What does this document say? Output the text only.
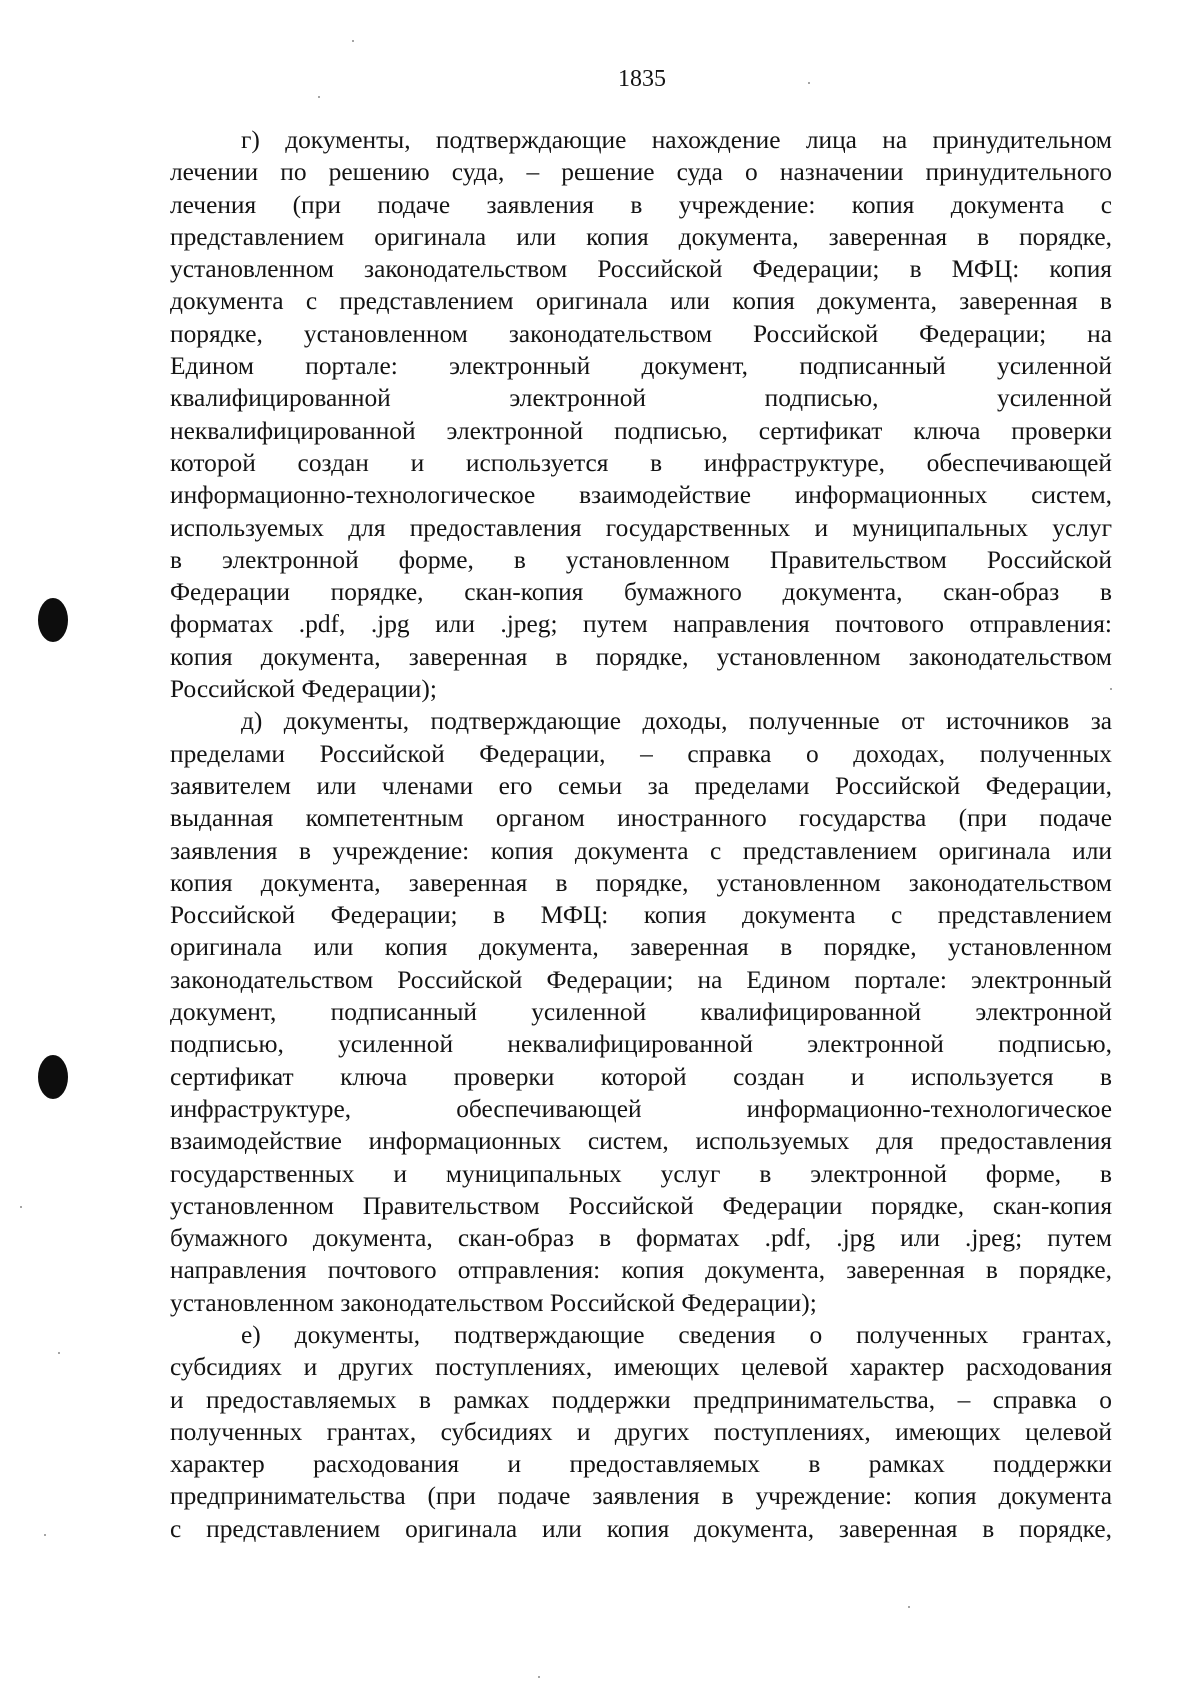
1835

г) документы, подтверждающие нахождение лица на принудительном
лечении по решению суда, – решение суда о назначении принудительного
лечения (при подаче заявления в учреждение: копия документа с
представлением оригинала или копия документа, заверенная в порядке,
установленном законодательством Российской Федерации; в МФЦ: копия
документа с представлением оригинала или копия документа, заверенная в
порядке, установленном законодательством Российской Федерации; на
Едином портале: электронный документ, подписанный усиленной
квалифицированной электронной подписью, усиленной
неквалифицированной электронной подписью, сертификат ключа проверки
которой создан и используется в инфраструктуре, обеспечивающей
информационно-технологическое взаимодействие информационных систем,
используемых для предоставления государственных и муниципальных услуг
в электронной форме, в установленном Правительством Российской
Федерации порядке, скан-копия бумажного документа, скан-образ в
форматах .pdf, .jpg или .jpeg; путем направления почтового отправления:
копия документа, заверенная в порядке, установленном законодательством
Российской Федерации);

д) документы, подтверждающие доходы, полученные от источников за
пределами Российской Федерации, – справка о доходах, полученных
заявителем или членами его семьи за пределами Российской Федерации,
выданная компетентным органом иностранного государства (при подаче
заявления в учреждение: копия документа с представлением оригинала или
копия документа, заверенная в порядке, установленном законодательством
Российской Федерации; в МФЦ: копия документа с представлением
оригинала или копия документа, заверенная в порядке, установленном
законодательством Российской Федерации; на Едином портале: электронный
документ, подписанный усиленной квалифицированной электронной
подписью, усиленной неквалифицированной электронной подписью,
сертификат ключа проверки которой создан и используется в
инфраструктуре, обеспечивающей информационно-технологическое
взаимодействие информационных систем, используемых для предоставления
государственных и муниципальных услуг в электронной форме, в
установленном Правительством Российской Федерации порядке, скан-копия
бумажного документа, скан-образ в форматах .pdf, .jpg или .jpeg; путем
направления почтового отправления: копия документа, заверенная в порядке,
установленном законодательством Российской Федерации);

е) документы, подтверждающие сведения о полученных грантах,
субсидиях и других поступлениях, имеющих целевой характер расходования
и предоставляемых в рамках поддержки предпринимательства, – справка о
полученных грантах, субсидиях и других поступлениях, имеющих целевой
характер расходования и предоставляемых в рамках поддержки
предпринимательства (при подаче заявления в учреждение: копия документа
с представлением оригинала или копия документа, заверенная в порядке,
